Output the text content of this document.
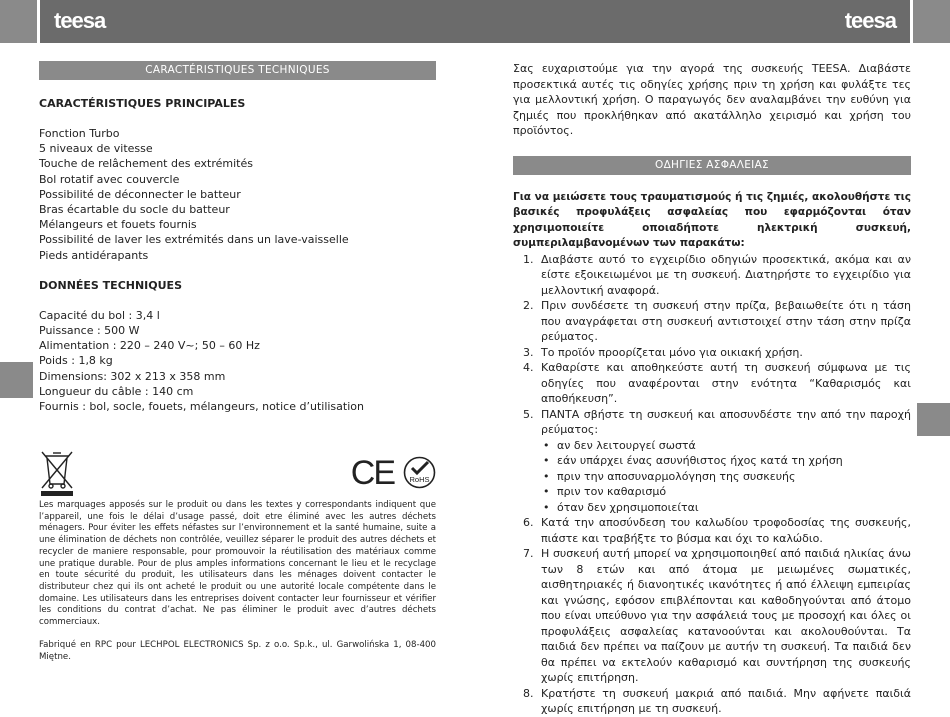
teesa	teesa
CARACTÉRISTIQUES TECHNIQUES
CARACTÉRISTIQUES PRINCIPALES
Fonction Turbo
5 niveaux de vitesse
Touche de relâchement des extrémités
Bol rotatif avec couvercle
Possibilité de déconnecter le batteur
Bras écartable du socle du batteur
Mélangeurs et fouets fournis
Possibilité de laver les extrémités dans un lave-vaisselle
Pieds antidérapants
DONNÉES TECHNIQUES
Capacité du bol : 3,4 l
Puissance : 500 W
Alimentation : 220 – 240 V~; 50 – 60 Hz
Poids : 1,8 kg
Dimensions: 302 x 213 x 358 mm
Longueur du câble : 140 cm
Fournis : bol, socle, fouets, mélangeurs, notice d’utilisation
CE RoHS
Les marquages apposés sur le produit ou dans les textes y correspondants indiquent que l’appareil, une fois le délai d’usage passé, doit etre éliminé avec les autres déchets ménagers. Pour éviter les effets néfastes sur l’environnement et la santé humaine, suite a une élimination de déchets non contrôlée, veuillez séparer le produit des autres déchets et recycler de maniere responsable, pour promouvoir la réutilisation des matériaux comme une pratique durable. Pour de plus amples informations concernant le lieu et le recyclage en toute sécurité du produit, les utilisateurs dans les ménages doivent contacter le distributeur chez qui ils ont acheté le produit ou une autorité locale compétente dans le domaine. Les utilisateurs dans les entreprises doivent contacter leur fournisseur et vérifier les conditions du contrat d’achat. Ne pas éliminer le produit avec d’autres déchets commerciaux.
Fabriqué en RPC pour LECHPOL ELECTRONICS Sp. z o.o. Sp.k., ul. Garwolińska 1, 08-400 Miętne.
Σας ευχαριστούμε για την αγορά της συσκευής TEESA. Διαβάστε προσεκτικά αυτές τις οδηγίες χρήσης πριν τη χρήση και φυλάξτε τες για μελλοντική χρήση. Ο παραγωγός δεν αναλαμβάνει την ευθύνη για ζημιές που προκλήθηκαν από ακατάλληλο χειρισμό και χρήση του προϊόντος.
ΟΔΗΓΙΕΣ ΑΣΦΑΛΕΙΑΣ
Για να μειώσετε τους τραυματισμούς ή τις ζημιές, ακολουθήστε τις βασικές προφυλάξεις ασφαλείας που εφαρμόζονται όταν χρησιμοποιείτε οποιαδήποτε ηλεκτρική συσκευή, συμπεριλαμβανομένων των παρακάτω:
1. Διαβάστε αυτό το εγχειρίδιο οδηγιών προσεκτικά, ακόμα και αν είστε εξοικειωμένοι με τη συσκευή. Διατηρήστε το εγχειρίδιο για μελλοντική αναφορά.
2. Πριν συνδέσετε τη συσκευή στην πρίζα, βεβαιωθείτε ότι η τάση που αναγράφεται στη συσκευή αντιστοιχεί στην τάση στην πρίζα ρεύματος.
3. Το προϊόν προορίζεται μόνο για οικιακή χρήση.
4. Καθαρίστε και αποθηκεύστε αυτή τη συσκευή σύμφωνα με τις οδηγίες που αναφέρονται στην ενότητα “Καθαρισμός και αποθήκευση”.
5. ΠΑΝΤΑ σβήστε τη συσκευή και αποσυνδέστε την από την παροχή ρεύματος:
• αν δεν λειτουργεί σωστά
• εάν υπάρχει ένας ασυνήθιστος ήχος κατά τη χρήση
• πριν την αποσυναρμολόγηση της συσκευής
• πριν τον καθαρισμό
• όταν δεν χρησιμοποιείται
6. Κατά την αποσύνδεση του καλωδίου τροφοδοσίας της συσκευής, πιάστε και τραβήξτε το βύσμα και όχι το καλώδιο.
7. Η συσκευή αυτή μπορεί να χρησιμοποιηθεί από παιδιά ηλικίας άνω των 8 ετών και από άτομα με μειωμένες σωματικές, αισθητηριακές ή διανοητικές ικανότητες ή από έλλειψη εμπειρίας και γνώσης, εφόσον επιβλέπονται και καθοδηγούνται από άτομο που είναι υπεύθυνο για την ασφάλειά τους με προσοχή και όλες οι προφυλάξεις ασφαλείας κατανοούνται και ακολουθούνται. Τα παιδιά δεν πρέπει να παίζουν με αυτήν τη συσκευή. Τα παιδιά δεν θα πρέπει να εκτελούν καθαρισμό και συντήρηση της συσκευής χωρίς επιτήρηση.
8. Κρατήστε τη συσκευή μακριά από παιδιά. Μην αφήνετε παιδιά χωρίς επιτήρηση με τη συσκευή.
